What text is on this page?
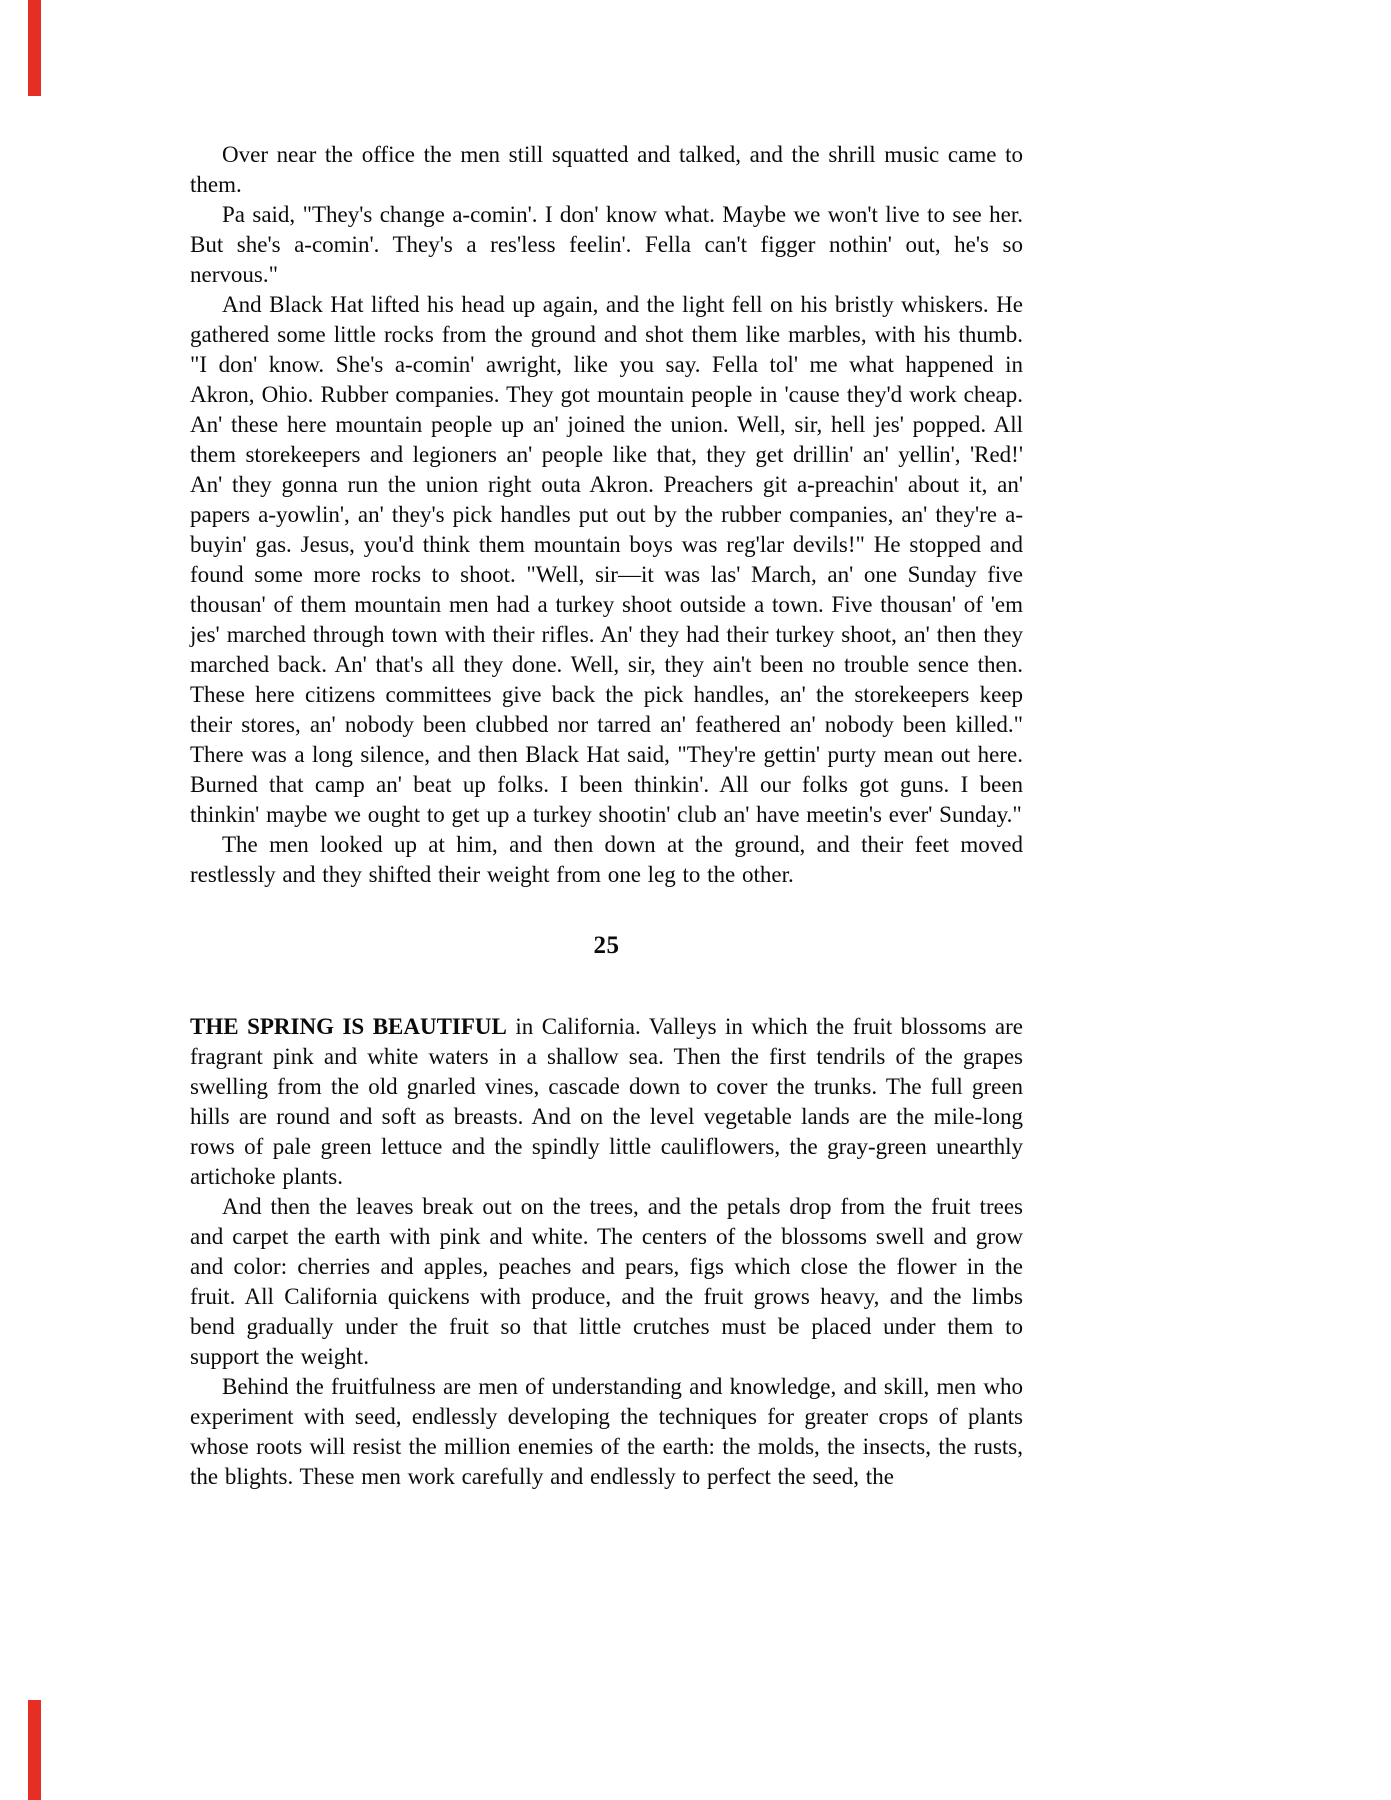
Over near the office the men still squatted and talked, and the shrill music came to them.

Pa said, "They's change a-comin'. I don' know what. Maybe we won't live to see her. But she's a-comin'. They's a res'less feelin'. Fella can't figger nothin' out, he's so nervous."

And Black Hat lifted his head up again, and the light fell on his bristly whiskers. He gathered some little rocks from the ground and shot them like marbles, with his thumb. "I don' know. She's a-comin' awright, like you say. Fella tol' me what happened in Akron, Ohio. Rubber companies. They got mountain people in 'cause they'd work cheap. An' these here mountain people up an' joined the union. Well, sir, hell jes' popped. All them storekeepers and legioners an' people like that, they get drillin' an' yellin', 'Red!' An' they gonna run the union right outa Akron. Preachers git a-preachin' about it, an' papers a-yowlin', an' they's pick handles put out by the rubber companies, an' they're a-buyin' gas. Jesus, you'd think them mountain boys was reg'lar devils!" He stopped and found some more rocks to shoot. "Well, sir—it was las' March, an' one Sunday five thousan' of them mountain men had a turkey shoot outside a town. Five thousan' of 'em jes' marched through town with their rifles. An' they had their turkey shoot, an' then they marched back. An' that's all they done. Well, sir, they ain't been no trouble sence then. These here citizens committees give back the pick handles, an' the storekeepers keep their stores, an' nobody been clubbed nor tarred an' feathered an' nobody been killed." There was a long silence, and then Black Hat said, "They're gettin' purty mean out here. Burned that camp an' beat up folks. I been thinkin'. All our folks got guns. I been thinkin' maybe we ought to get up a turkey shootin' club an' have meetin's ever' Sunday."

The men looked up at him, and then down at the ground, and their feet moved restlessly and they shifted their weight from one leg to the other.

25

THE SPRING IS BEAUTIFUL in California. Valleys in which the fruit blossoms are fragrant pink and white waters in a shallow sea. Then the first tendrils of the grapes swelling from the old gnarled vines, cascade down to cover the trunks. The full green hills are round and soft as breasts. And on the level vegetable lands are the mile-long rows of pale green lettuce and the spindly little cauliflowers, the gray-green unearthly artichoke plants.

And then the leaves break out on the trees, and the petals drop from the fruit trees and carpet the earth with pink and white. The centers of the blossoms swell and grow and color: cherries and apples, peaches and pears, figs which close the flower in the fruit. All California quickens with produce, and the fruit grows heavy, and the limbs bend gradually under the fruit so that little crutches must be placed under them to support the weight.

Behind the fruitfulness are men of understanding and knowledge, and skill, men who experiment with seed, endlessly developing the techniques for greater crops of plants whose roots will resist the million enemies of the earth: the molds, the insects, the rusts, the blights. These men work carefully and endlessly to perfect the seed, the
